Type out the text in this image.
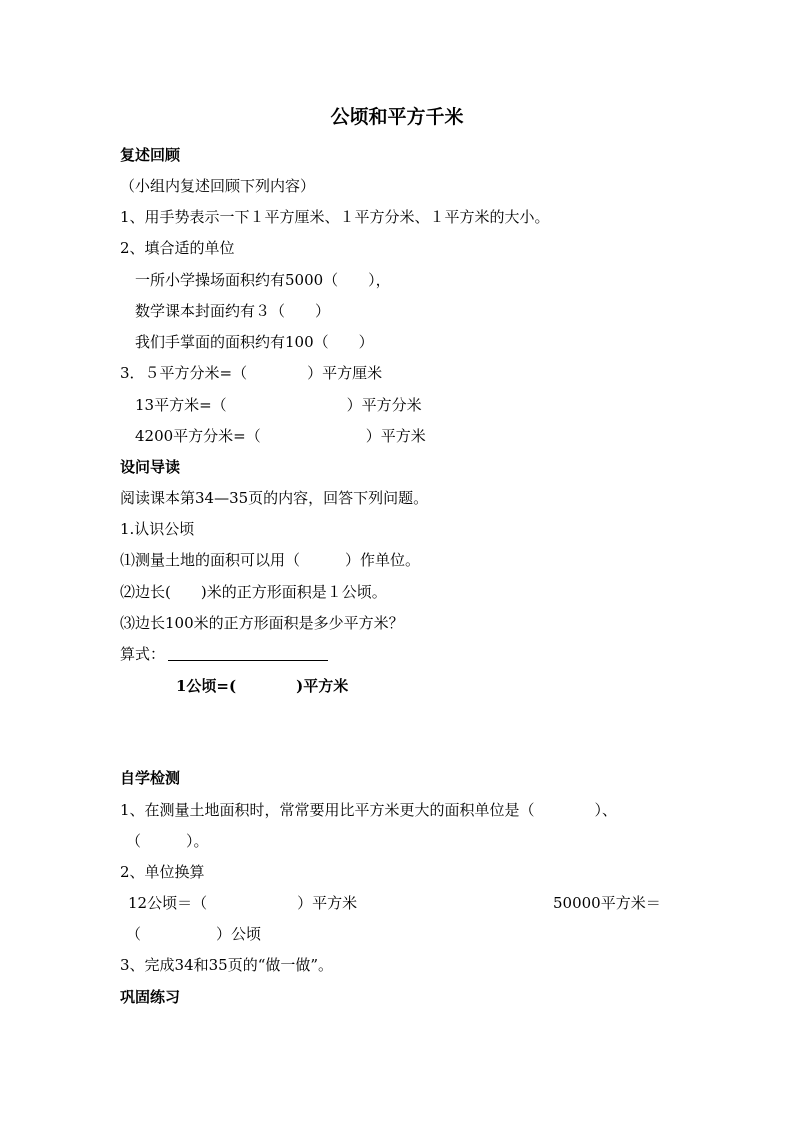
公顷和平方千米
复述回顾
（小组内复述回顾下列内容）
1、用手势表示一下１平方厘米、１平方分米、１平方米的大小。
2、填合适的单位
一所小学操场面积约有5000（　　），
数学课本封面约有３（　　）
我们手掌面的面积约有100（　　）
3．５平方分米=（　　　　）平方厘米
13平方米=（　　　　　　　　）平方分米
4200平方分米=（　　　　　　　）平方米
设问导读
阅读课本第34—35页的内容，回答下列问题。
1.认识公顷
⑴测量土地的面积可以用（　　　）作单位。
⑵边长(　　)米的正方形面积是１公顷。
⑶边长100米的正方形面积是多少平方米？
算式：
1公顷=(　　　　)平方米
自学检测
1、在测量土地面积时，常常要用比平方米更大的面积单位是（　　　　）、
（　　　）。
2、单位换算
12公顷＝（　　　　　　）平方米	50000平方米＝
（　　　　　）公顷
3、完成34和35页的“做一做”。
巩固练习
